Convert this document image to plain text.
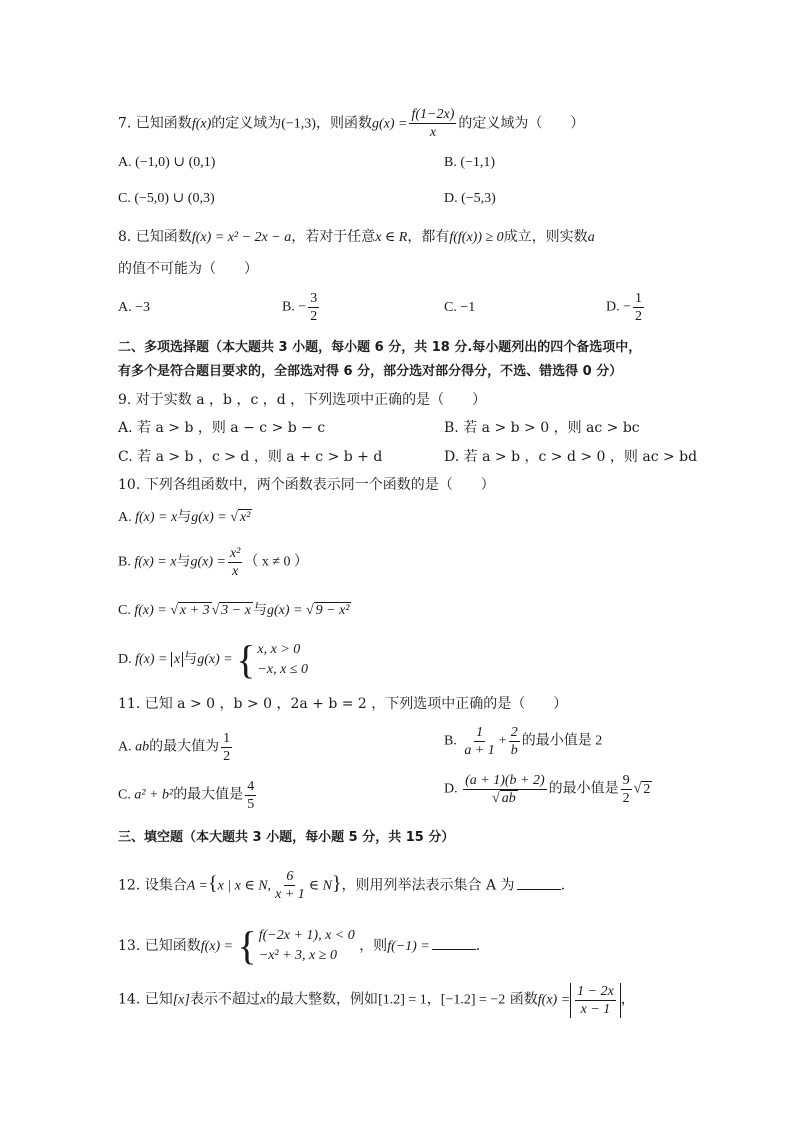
7. 已知函数f(x)的定义域为(−1,3)，则函数$g(x) = \frac{f(1-2x)}{x}$ 的定义域为（　　）
A. (−1,0) ∪ (0,1)	B. (−1,1)
C. (−5,0) ∪ (0,3)	D. (−5,3)
8. 已知函数f(x) = x² − 2x − a，若对于任意x ∈ R，都有f(f(x)) ≥ 0成立，则实数a
的值不可能为（　　）
A. −3	B. − $\frac{3}{2}$	C. −1	D. − $\frac{1}{2}$
二、多项选择题（本大题共 3 小题，每小题 6 分，共 18 分.每小题列出的四个备选项中，
有多个是符合题目要求的，全部选对得 6 分，部分选对部分得分，不选、错选得 0 分）
9. 对于实数 a ，b ，c ，d ，下列选项中正确的是（　　）
A. 若 a > b ，则 a − c > b − c	B. 若 a > b > 0 ，则 ac > bc
C. 若 a > b ，c > d ，则 a + c > b + d	D. 若 a > b ，c > d > 0 ，则 ac > bd
10. 下列各组函数中，两个函数表示同一个函数的是（　　）
A. f(x) = x与g(x) = √ x²
B. f(x) = x与$g(x) = \frac{\text{x²}}{x}$ （ x ≠ 0 ）
C. f(x) = √ x + 3 √ 3 − x 与g(x) = √ 9 − x²
D. f(x) = x 与g(x) = { x, x > 0
−x, x ≤ 0
11. 已知 a > 0 ，b > 0 ，2a + b = 2 ，下列选项中正确的是（　　）
A. ab的最大值为 $\frac{1}{2}$	B. $\frac{1}{a + 1} + \frac{2}{b}$ 的最小值是 2
C. a² + b²的最大值是 $\frac{4}{5}$	D. $\frac{(a + 1)(b + 2)}{√ ab}$ 的最小值是 $\frac{9}{2}$ √ 2
三、填空题（本大题共 3 小题，每小题 5 分，共 15 分）
12. 设集合A ={x | x ∈ N, $\frac{6}{x + 1}$ ∈ N}，则用列举法表示集合 A 为	.
13. 已知函数f(x) = { f(−2x + 1), x < 0
−x² + 3, x ≥ 0
，则f(−1) =	.
14. 已知[x]表示不超过x的最大整数，例如[1.2] = 1，[−1.2] = −2 函数$f(x) = \frac{1 - 2x}{x - 1}$ ，
